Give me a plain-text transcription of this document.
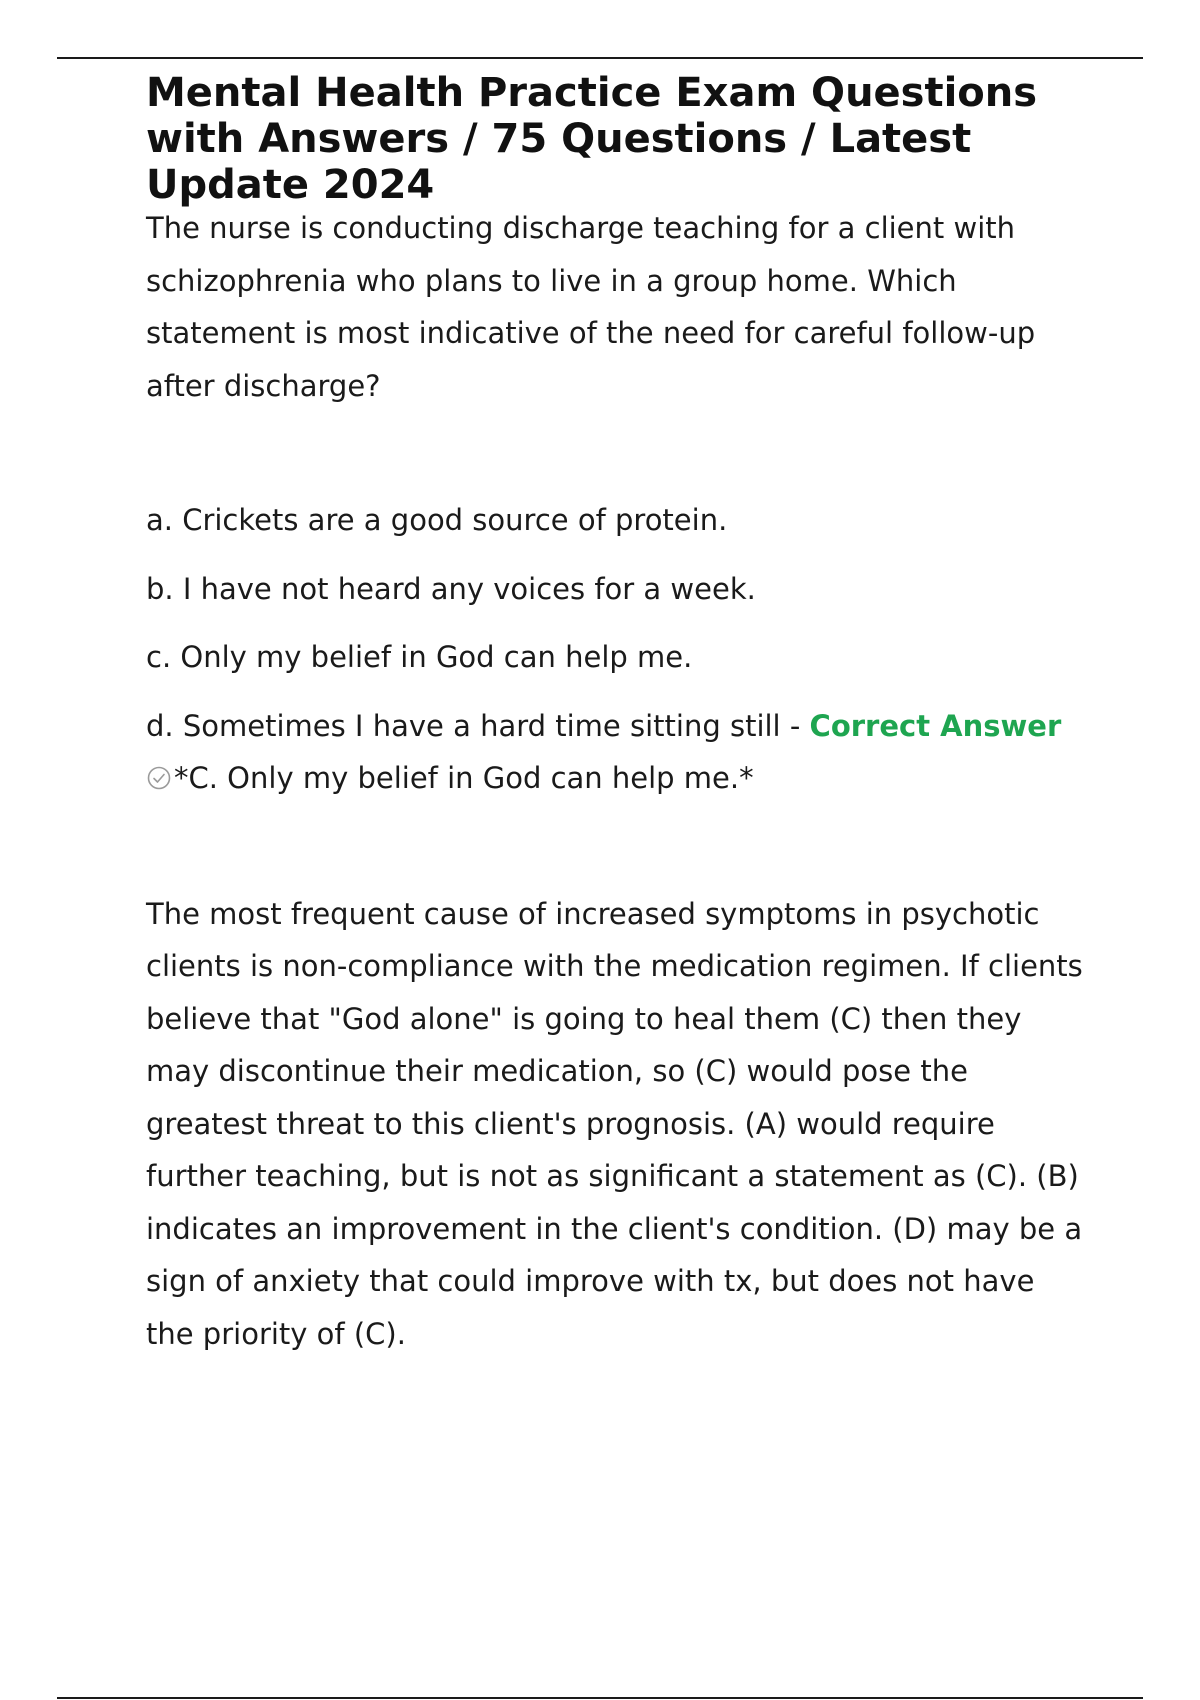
Mental Health Practice Exam Questions with Answers / 75 Questions / Latest Update 2024

The nurse is conducting discharge teaching for a client with schizophrenia who plans to live in a group home. Which statement is most indicative of the need for careful follow-up after discharge?

a. Crickets are a good source of protein.

b. I have not heard any voices for a week.

c. Only my belief in God can help me.

d. Sometimes I have a hard time sitting still - Correct Answer *C. Only my belief in God can help me.*

The most frequent cause of increased symptoms in psychotic clients is non-compliance with the medication regimen. If clients believe that "God alone" is going to heal them (C) then they may discontinue their medication, so (C) would pose the greatest threat to this client's prognosis. (A) would require further teaching, but is not as significant a statement as (C). (B) indicates an improvement in the client's condition. (D) may be a sign of anxiety that could improve with tx, but does not have the priority of (C).
